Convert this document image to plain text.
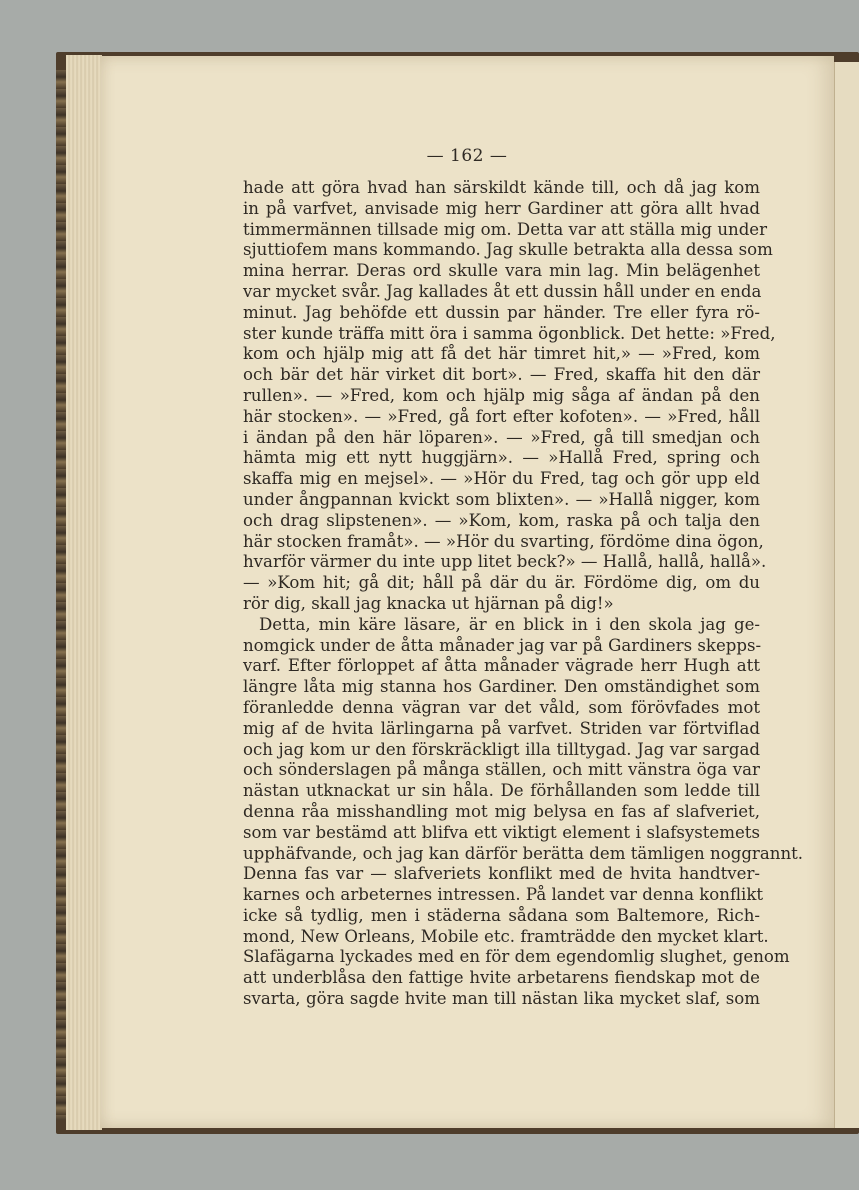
— 162 —
hade att göra hvad han särskildt kände till, och då jag kom
in på varfvet, anvisade mig herr Gardiner att göra allt hvad
timmermännen tillsade mig om. Detta var att ställa mig under
sjuttiofem mans kommando. Jag skulle betrakta alla dessa som
mina herrar. Deras ord skulle vara min lag. Min belägenhet
var mycket svår. Jag kallades åt ett dussin håll under en enda
minut. Jag behöfde ett dussin par händer. Tre eller fyra rö-
ster kunde träffa mitt öra i samma ögonblick. Det hette: »Fred,
kom och hjälp mig att få det här timret hit,» — »Fred, kom
och bär det här virket dit bort». — Fred, skaffa hit den där
rullen». — »Fred, kom och hjälp mig såga af ändan på den
här stocken». — »Fred, gå fort efter kofoten». — »Fred, håll
i ändan på den här löparen». — »Fred, gå till smedjan och
hämta mig ett nytt huggjärn». — »Hallå Fred, spring och
skaffa mig en mejsel». — »Hör du Fred, tag och gör upp eld
under ångpannan kvickt som blixten». — »Hallå nigger, kom
och drag slipstenen». — »Kom, kom, raska på och talja den
här stocken framåt». — »Hör du svarting, fördöme dina ögon,
hvarför värmer du inte upp litet beck?» — Hallå, hallå, hallå».
— »Kom hit; gå dit; håll på där du är. Fördöme dig, om du
rör dig, skall jag knacka ut hjärnan på dig!»
Detta, min käre läsare, är en blick in i den skola jag ge-
nomgick under de åtta månader jag var på Gardiners skepps-
varf. Efter förloppet af åtta månader vägrade herr Hugh att
längre låta mig stanna hos Gardiner. Den omständighet som
föranledde denna vägran var det våld, som förövfades mot
mig af de hvita lärlingarna på varfvet. Striden var förtviflad
och jag kom ur den förskräckligt illa tilltygad. Jag var sargad
och sönderslagen på många ställen, och mitt vänstra öga var
nästan utknackat ur sin håla. De förhållanden som ledde till
denna råa misshandling mot mig belysa en fas af slafveriet,
som var bestämd att blifva ett viktigt element i slafsystemets
upphäfvande, och jag kan därför berätta dem tämligen noggrannt.
Denna fas var — slafveriets konflikt med de hvita handtver-
karnes och arbeternes intressen. På landet var denna konflikt
icke så tydlig, men i städerna sådana som Baltemore, Rich-
mond, New Orleans, Mobile etc. framträdde den mycket klart.
Slafägarna lyckades med en för dem egendomlig slughet, genom
att underblåsa den fattige hvite arbetarens fiendskap mot de
svarta, göra sagde hvite man till nästan lika mycket slaf, som
